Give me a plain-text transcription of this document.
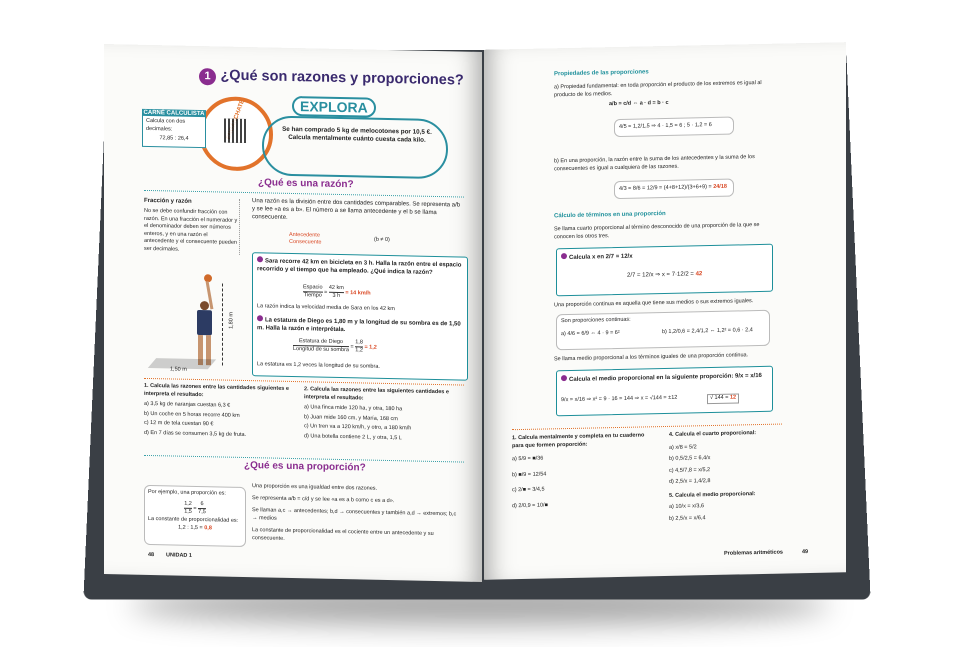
1 ¿Qué son razones y proporciones?
CARNÉ CALCULISTA
Calcula con dos decimales:
72,85 : 26,4
EXPLORA
Se han comprado 5 kg de melocotones por 10,5 €. Calcula mentalmente cuánto cuesta cada kilo.
¿Qué es una razón?
Fracción y razón
No se debe confundir fracción con razón. En una fracción el numerador y el denominador deben ser números enteros, y en una razón el antecedente y el consecuente pueden ser decimales.
1,80 m
1,50 m
Una razón es la división entre dos cantidades comparables. Se representa a/b y se lee «a es a b». El número a se llama antecedente y el b se llama consecuente.
Antecedente
Consecuente	(b ≠ 0)
Sara recorre 42 km en bicicleta en 3 h. Halla la razón entre el espacio recorrido y el tiempo que ha empleado. ¿Qué indica la razón?
$\frac{\text{Espacio}}{\text{Tiempo}} = \frac{42 km}{3 h} = 14$ km/h
La razón indica la velocidad media de Sara en los 42 km
La estatura de Diego es 1,80 m y la longitud de su sombra es de 1,50 m. Halla la razón e interprétala.
$\frac{\text{Estatura de Diego}}{\text{Longitud de su sombra}} = \frac{1,8}{1,2} = 1,2$
La estatura es 1,2 veces la longitud de su sombra.
1. Calcula las razones entre las cantidades siguientes e interpreta el resultado:
a) 3,5 kg de naranjas cuestan 6,3 €
b) Un coche en 5 horas recorre 400 km
c) 12 m de tela cuestan 90 €
d) En 7 días se consumen 3,5 kg de fruta.
2. Calcula las razones entre las siguientes cantidades e interpreta el resultado:
a) Una finca mide 120 ha, y otra, 180 ha
b) Juan mide 160 cm, y María, 168 cm
c) Un tren va a 120 km/h, y otro, a 180 km/h
d) Una botella contiene 2 L, y otra, 1,5 L
¿Qué es una proporción?
Por ejemplo, una proporción es:
$\frac{1,2}{1,5} = \frac{6}{7,5}$
La constante de proporcionalidad es:
1,2 : 1,5 = 0,8
Una proporción es una igualdad entre dos razones.
Se representa a/b = c/d y se lee «a es a b como c es a d».
Se llaman a,c → antecedentes; b,d → consecuentes y también a,d → extremos; b,c → medios
La constante de proporcionalidad es el cociente entre un antecedente y su consecuente.
48 UNIDAD 1
Propiedades de las proporciones
a) Propiedad fundamental: en toda proporción el producto de los extremos es igual al producto de los medios.
a/b = c/d ⇔ a · d = b · c
4/5 = 1,2/1,5 ⇒ 4 · 1,5 = 6 ; 5 · 1,2 = 6
b) En una proporción, la razón entre la suma de los antecedentes y la suma de los consecuentes es igual a cualquiera de las razones.
4/3 = 8/6 = 12/9 = (4+8+12)/(3+6+9) = 24/18
Cálculo de términos en una proporción
Se llama cuarto proporcional al término desconocido de una proporción de la que se conocen los otros tres.
Calcula x en 2/7 = 12/x
2/7 = 12/x ⇒ x = 7·12/2 = 42
Una proporción continua es aquella que tiene sus medios o sus extremos iguales.
Son proporciones continuas:
a) 4/6 = 6/9 ⇔ 4 · 9 = 6²	b) 1,2/0,6 = 2,4/1,2 ⇔ 1,2² = 0,6 · 2,4
Se llama medio proporcional a los términos iguales de una proporción continua.
Calcula el medio proporcional en la siguiente proporción: 9/x = x/16
9/x = x/16 ⇒ x² = 9 · 16 = 144 ⇒ x = √144 = ±12	√ 144 = 12
1. Calcula mentalmente y completa en tu cuaderno para que formen proporción:
a) 5/9 = ■/36
b) ■/9 = 12/54
c) 2/■ = 3/4,5
d) 2/0,9 = 10/■
4. Calcula el cuarto proporcional:
a) x/8 = 5/2
b) 0,5/2,5 = 6,4/x
c) 4,5/7,8 = x/5,2
d) 2,5/x = 1,4/2,8
5. Calcula el medio proporcional:
a) 10/x = x/3,6
b) 2,5/x = x/6,4
Problemas aritméticos	49
